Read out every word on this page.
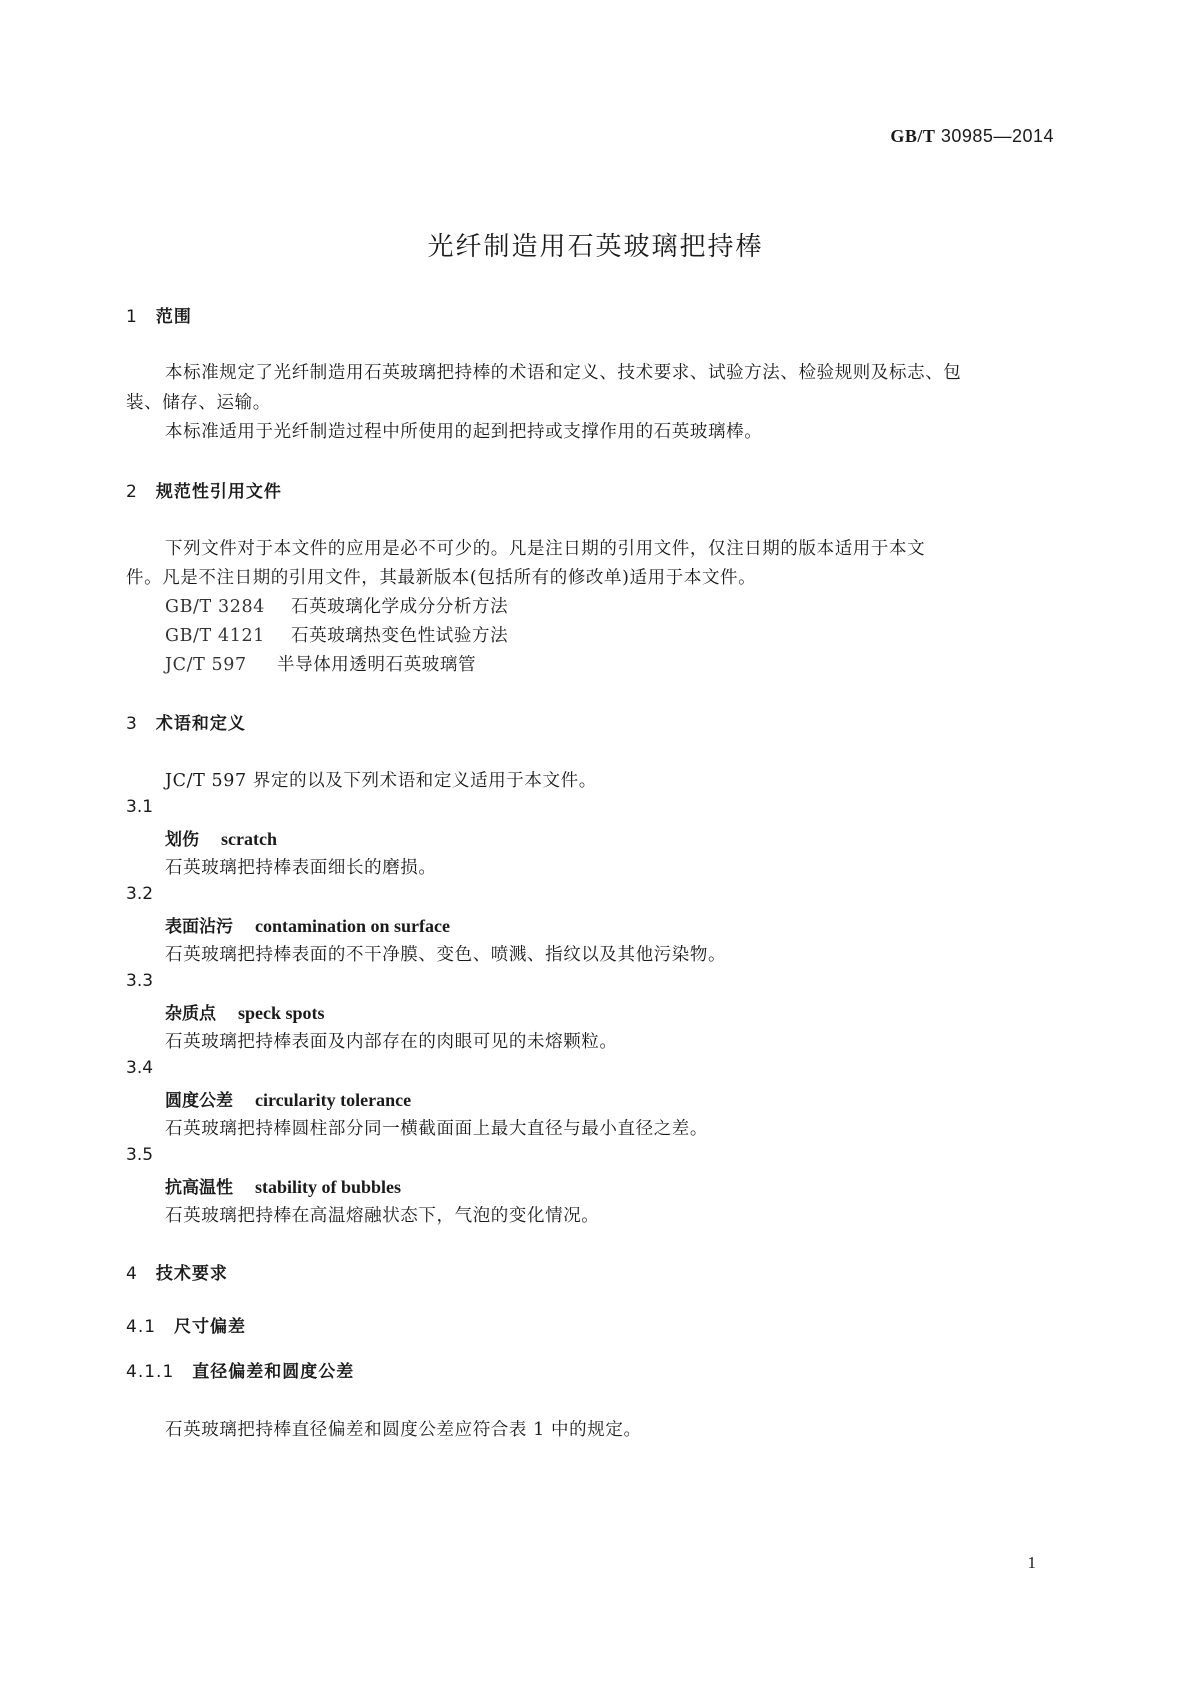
GB/T 30985—2014
光纤制造用石英玻璃把持棒
1 范围
本标准规定了光纤制造用石英玻璃把持棒的术语和定义、技术要求、试验方法、检验规则及标志、包
装、储存、运输。
本标准适用于光纤制造过程中所使用的起到把持或支撑作用的石英玻璃棒。
2 规范性引用文件
下列文件对于本文件的应用是必不可少的。凡是注日期的引用文件，仅注日期的版本适用于本文
件。凡是不注日期的引用文件，其最新版本(包括所有的修改单)适用于本文件。
GB/T 3284 石英玻璃化学成分分析方法
GB/T 4121 石英玻璃热变色性试验方法
JC/T 597 半导体用透明石英玻璃管
3 术语和定义
JC/T 597 界定的以及下列术语和定义适用于本文件。
3.1
划伤 scratch
石英玻璃把持棒表面细长的磨损。
3.2
表面沾污 contamination on surface
石英玻璃把持棒表面的不干净膜、变色、喷溅、指纹以及其他污染物。
3.3
杂质点 speck spots
石英玻璃把持棒表面及内部存在的肉眼可见的未熔颗粒。
3.4
圆度公差 circularity tolerance
石英玻璃把持棒圆柱部分同一横截面面上最大直径与最小直径之差。
3.5
抗高温性 stability of bubbles
石英玻璃把持棒在高温熔融状态下，气泡的变化情况。
4 技术要求
4.1 尺寸偏差
4.1.1 直径偏差和圆度公差
石英玻璃把持棒直径偏差和圆度公差应符合表 1 中的规定。
1
